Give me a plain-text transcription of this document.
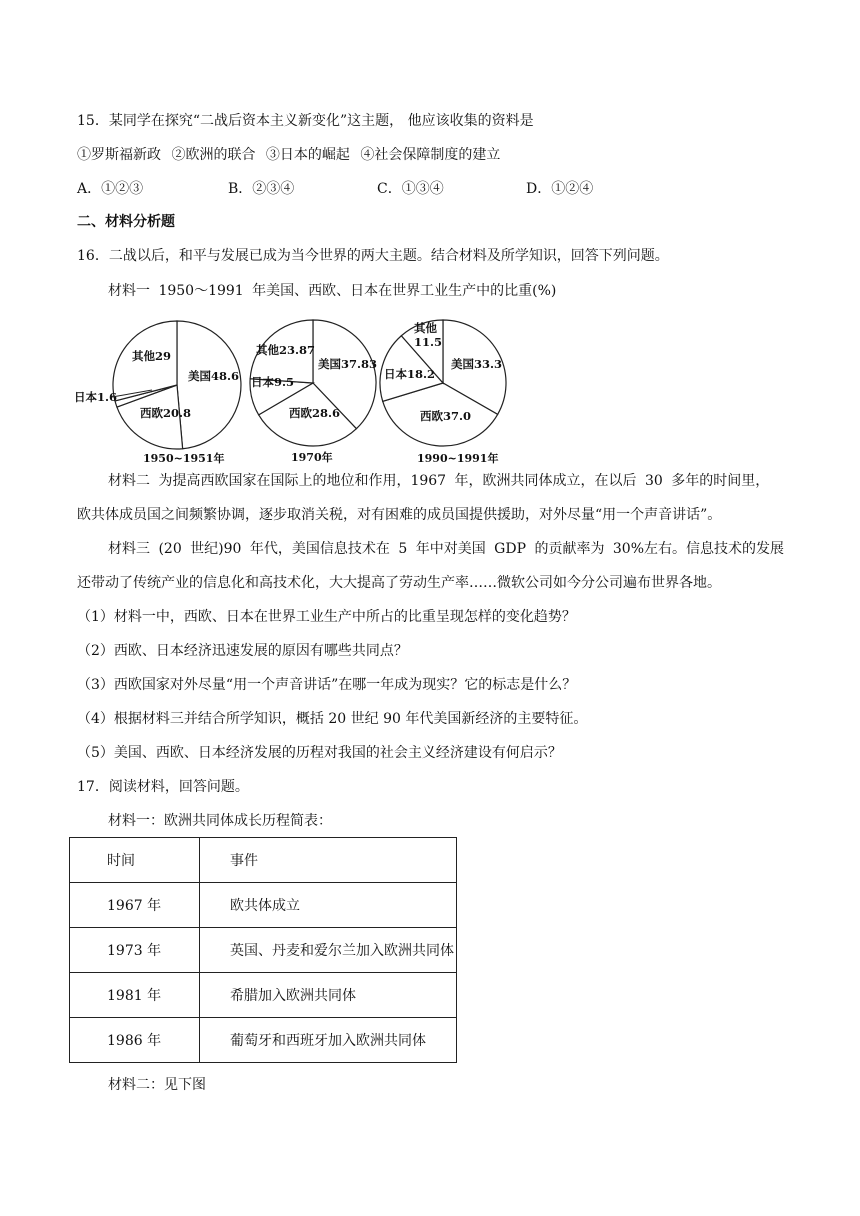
15．某同学在探究“二战后资本主义新变化”这主题， 他应该收集的资料是
①罗斯福新政 ②欧洲的联合 ③日本的崛起 ④社会保障制度的建立
A．①②③	B．②③④	C．①③④	D．①②④
二、材料分析题
16．二战以后，和平与发展已成为当今世界的两大主题。结合材料及所学知识，回答下列问题。
材料一 1950～1991 年美国、西欧、日本在世界工业生产中的比重(%)
美国48.6
西欧20.8
日本1.6
其他29
1950~1951年
美国37.83
西欧28.6
日本9.5
其他23.87
1970年
美国33.3
西欧37.0
日本18.2
其他 11.5
1990~1991年
材料二 为提高西欧国家在国际上的地位和作用，1967 年，欧洲共同体成立，在以后 30 多年的时间里，
欧共体成员国之间频繁协调，逐步取消关税，对有困难的成员国提供援助，对外尽量“用一个声音讲话”。
材料三 (20 世纪)90 年代，美国信息技术在 5 年中对美国 GDP 的贡献率为 30%左右。信息技术的发展
还带动了传统产业的信息化和高技术化，大大提高了劳动生产率……微软公司如今分公司遍布世界各地。
（1）材料一中，西欧、日本在世界工业生产中所占的比重呈现怎样的变化趋势？
（2）西欧、日本经济迅速发展的原因有哪些共同点？
（3）西欧国家对外尽量“用一个声音讲话”在哪一年成为现实？它的标志是什么？
（4）根据材料三并结合所学知识，概括 20 世纪 90 年代美国新经济的主要特征。
（5）美国、西欧、日本经济发展的历程对我国的社会主义经济建设有何启示？
17．阅读材料，回答问题。
材料一：欧洲共同体成长历程简表：
时间	事件
1967 年	欧共体成立
1973 年	英国、丹麦和爱尔兰加入欧洲共同体
1981 年	希腊加入欧洲共同体
1986 年	葡萄牙和西班牙加入欧洲共同体
材料二：见下图
